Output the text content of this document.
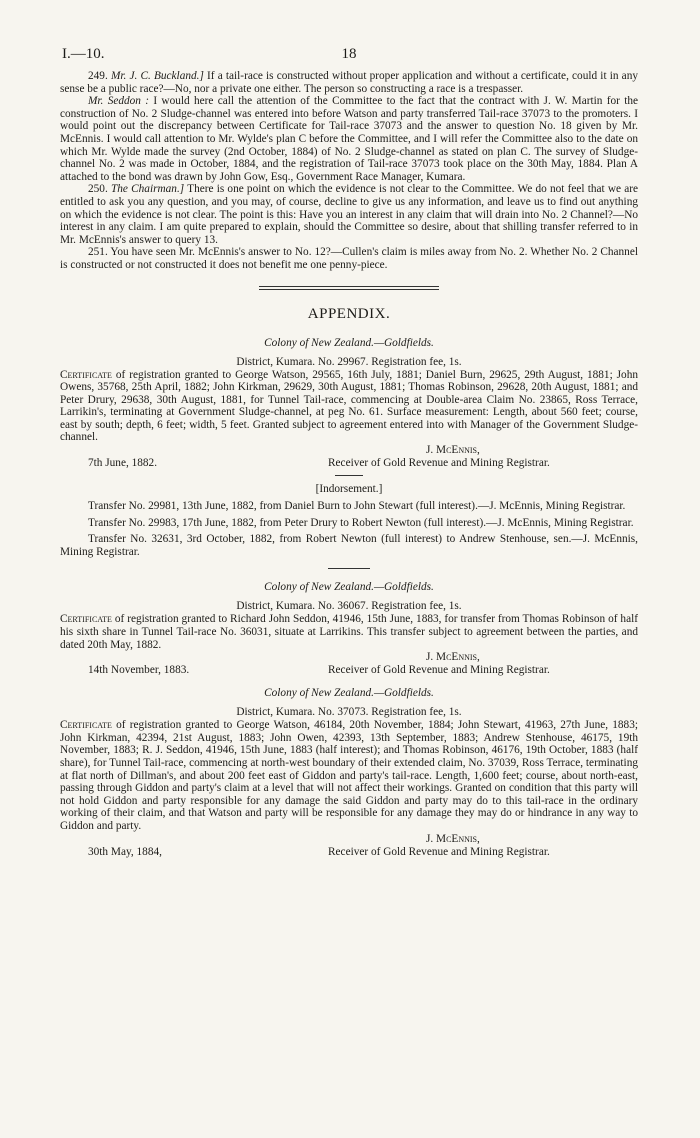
I.—10.	18

249. Mr. J. C. Buckland.] If a tail-race is constructed without proper application and without a certificate, could it in any sense be a public race?—No, nor a private one either. The person so constructing a race is a trespasser.

Mr. Seddon : I would here call the attention of the Committee to the fact that the contract with J. W. Martin for the construction of No. 2 Sludge-channel was entered into before Watson and party transferred Tail-race 37073 to the promoters. I would point out the discrepancy between Certificate for Tail-race 37073 and the answer to question No. 18 given by Mr. McEnnis. I would call attention to Mr. Wylde's plan C before the Committee, and I will refer the Committee also to the date on which Mr. Wylde made the survey (2nd October, 1884) of No. 2 Sludge-channel as stated on plan C. The survey of Sludge-channel No. 2 was made in October, 1884, and the registration of Tail-race 37073 took place on the 30th May, 1884. Plan A attached to the bond was drawn by John Gow, Esq., Government Race Manager, Kumara.

250. The Chairman.] There is one point on which the evidence is not clear to the Committee. We do not feel that we are entitled to ask you any question, and you may, of course, decline to give us any information, and leave us to find out anything on which the evidence is not clear. The point is this: Have you an interest in any claim that will drain into No. 2 Channel?—No interest in any claim. I am quite prepared to explain, should the Committee so desire, about that shilling transfer referred to in Mr. McEnnis's answer to query 13.

251. You have seen Mr. McEnnis's answer to No. 12?—Cullen's claim is miles away from No. 2. Whether No. 2 Channel is constructed or not constructed it does not benefit me one penny-piece.

APPENDIX.
Colony of New Zealand.—Goldfields.
District, Kumara. No. 29967. Registration fee, 1s.

Certificate of registration granted to George Watson, 29565, 16th July, 1881; Daniel Burn, 29625, 29th August, 1881; John Owens, 35768, 25th April, 1882; John Kirkman, 29629, 30th August, 1881; Thomas Robinson, 29628, 20th August, 1881; and Peter Drury, 29638, 30th August, 1881, for Tunnel Tail-race, commencing at Double-area Claim No. 23865, Ross Terrace, Larrikin's, terminating at Government Sludge-channel, at peg No. 61. Surface measurement: Length, about 560 feet; course, east by south; depth, 6 feet; width, 5 feet. Granted subject to agreement entered into with Manager of the Government Sludge-channel.

J. McEnnis,
7th June, 1882.	Receiver of Gold Revenue and Mining Registrar.
[Indorsement.]

Transfer No. 29981, 13th June, 1882, from Daniel Burn to John Stewart (full interest).—J. McEnnis, Mining Registrar.

Transfer No. 29983, 17th June, 1882, from Peter Drury to Robert Newton (full interest).—J. McEnnis, Mining Registrar.

Transfer No. 32631, 3rd October, 1882, from Robert Newton (full interest) to Andrew Stenhouse, sen.—J. McEnnis, Mining Registrar.

Colony of New Zealand.—Goldfields.
District, Kumara. No. 36067. Registration fee, 1s.

Certificate of registration granted to Richard John Seddon, 41946, 15th June, 1883, for transfer from Thomas Robinson of half his sixth share in Tunnel Tail-race No. 36031, situate at Larrikins. This transfer subject to agreement between the parties, and dated 20th May, 1882.

J. McEnnis,
14th November, 1883.	Receiver of Gold Revenue and Mining Registrar.
Colony of New Zealand.—Goldfields.
District, Kumara. No. 37073. Registration fee, 1s.

Certificate of registration granted to George Watson, 46184, 20th November, 1884; John Stewart, 41963, 27th June, 1883; John Kirkman, 42394, 21st August, 1883; John Owen, 42393, 13th September, 1883; Andrew Stenhouse, 46175, 19th November, 1883; R. J. Seddon, 41946, 15th June, 1883 (half interest); and Thomas Robinson, 46176, 19th October, 1883 (half share), for Tunnel Tail-race, commencing at north-west boundary of their extended claim, No. 37039, Ross Terrace, terminating at flat north of Dillman's, and about 200 feet east of Giddon and party's tail-race. Length, 1,600 feet; course, about north-east, passing through Giddon and party's claim at a level that will not affect their workings. Granted on condition that this party will not hold Giddon and party responsible for any damage the said Giddon and party may do to this tail-race in the ordinary working of their claim, and that Watson and party will be responsible for any damage they may do or hindrance in any way to Giddon and party.

J. McEnnis,
30th May, 1884,	Receiver of Gold Revenue and Mining Registrar.
